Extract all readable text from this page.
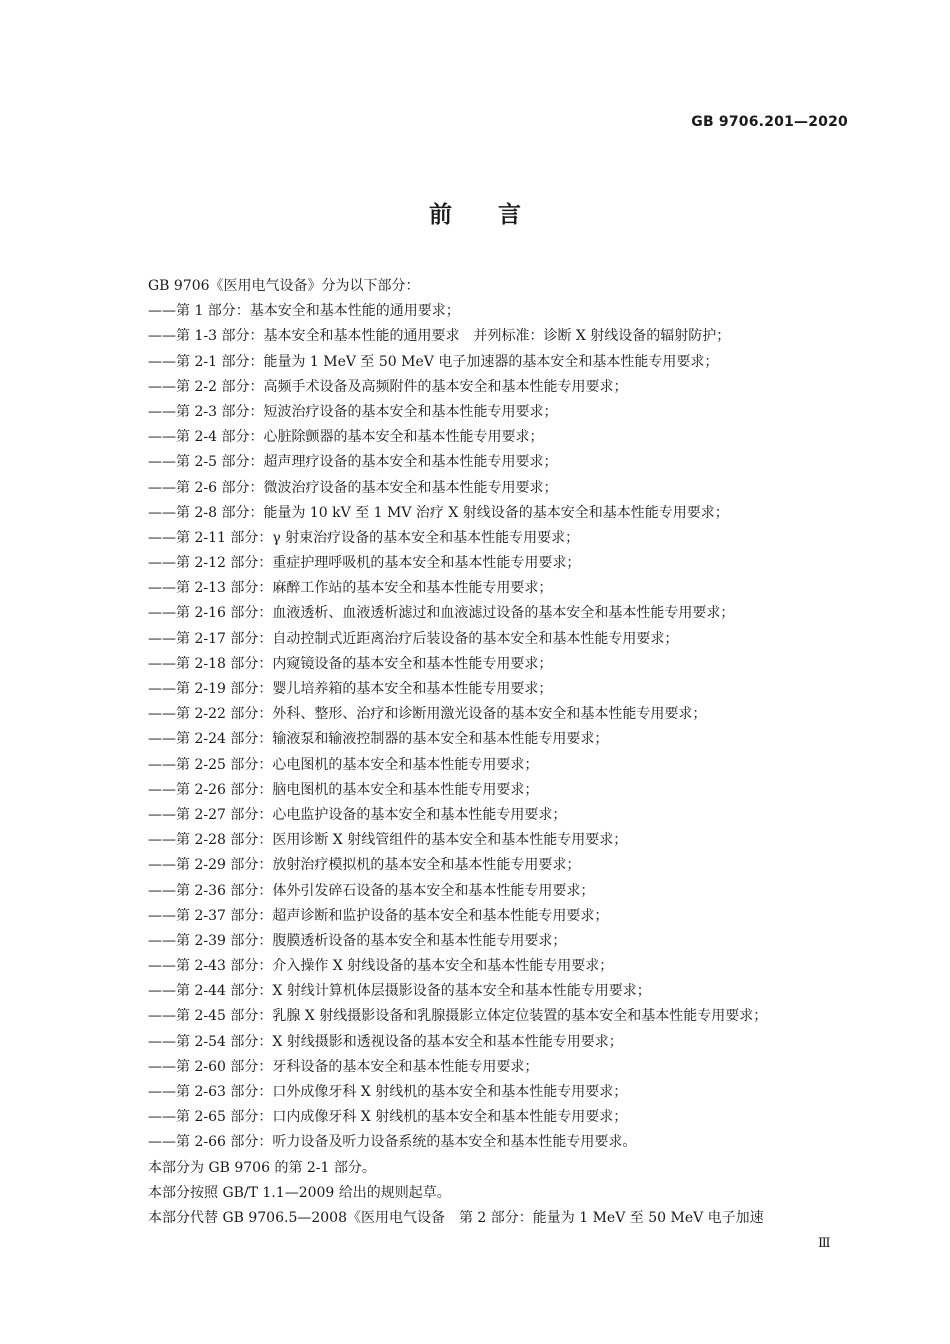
GB 9706.201—2020
前言
GB 9706《医用电气设备》分为以下部分：
——第 1 部分：基本安全和基本性能的通用要求；
——第 1-3 部分：基本安全和基本性能的通用要求　并列标准：诊断 X 射线设备的辐射防护；
——第 2-1 部分：能量为 1 MeV 至 50 MeV 电子加速器的基本安全和基本性能专用要求；
——第 2-2 部分：高频手术设备及高频附件的基本安全和基本性能专用要求；
——第 2-3 部分：短波治疗设备的基本安全和基本性能专用要求；
——第 2-4 部分：心脏除颤器的基本安全和基本性能专用要求；
——第 2-5 部分：超声理疗设备的基本安全和基本性能专用要求；
——第 2-6 部分：微波治疗设备的基本安全和基本性能专用要求；
——第 2-8 部分：能量为 10 kV 至 1 MV 治疗 X 射线设备的基本安全和基本性能专用要求；
——第 2-11 部分：γ 射束治疗设备的基本安全和基本性能专用要求；
——第 2-12 部分：重症护理呼吸机的基本安全和基本性能专用要求；
——第 2-13 部分：麻醉工作站的基本安全和基本性能专用要求；
——第 2-16 部分：血液透析、血液透析滤过和血液滤过设备的基本安全和基本性能专用要求；
——第 2-17 部分：自动控制式近距离治疗后装设备的基本安全和基本性能专用要求；
——第 2-18 部分：内窥镜设备的基本安全和基本性能专用要求；
——第 2-19 部分：婴儿培养箱的基本安全和基本性能专用要求；
——第 2-22 部分：外科、整形、治疗和诊断用激光设备的基本安全和基本性能专用要求；
——第 2-24 部分：输液泵和输液控制器的基本安全和基本性能专用要求；
——第 2-25 部分：心电图机的基本安全和基本性能专用要求；
——第 2-26 部分：脑电图机的基本安全和基本性能专用要求；
——第 2-27 部分：心电监护设备的基本安全和基本性能专用要求；
——第 2-28 部分：医用诊断 X 射线管组件的基本安全和基本性能专用要求；
——第 2-29 部分：放射治疗模拟机的基本安全和基本性能专用要求；
——第 2-36 部分：体外引发碎石设备的基本安全和基本性能专用要求；
——第 2-37 部分：超声诊断和监护设备的基本安全和基本性能专用要求；
——第 2-39 部分：腹膜透析设备的基本安全和基本性能专用要求；
——第 2-43 部分：介入操作 X 射线设备的基本安全和基本性能专用要求；
——第 2-44 部分：X 射线计算机体层摄影设备的基本安全和基本性能专用要求；
——第 2-45 部分：乳腺 X 射线摄影设备和乳腺摄影立体定位装置的基本安全和基本性能专用要求；
——第 2-54 部分：X 射线摄影和透视设备的基本安全和基本性能专用要求；
——第 2-60 部分：牙科设备的基本安全和基本性能专用要求；
——第 2-63 部分：口外成像牙科 X 射线机的基本安全和基本性能专用要求；
——第 2-65 部分：口内成像牙科 X 射线机的基本安全和基本性能专用要求；
——第 2-66 部分：听力设备及听力设备系统的基本安全和基本性能专用要求。
本部分为 GB 9706 的第 2-1 部分。
本部分按照 GB/T 1.1—2009 给出的规则起草。
本部分代替 GB 9706.5—2008《医用电气设备　第 2 部分：能量为 1 MeV 至 50 MeV 电子加速
Ⅲ
